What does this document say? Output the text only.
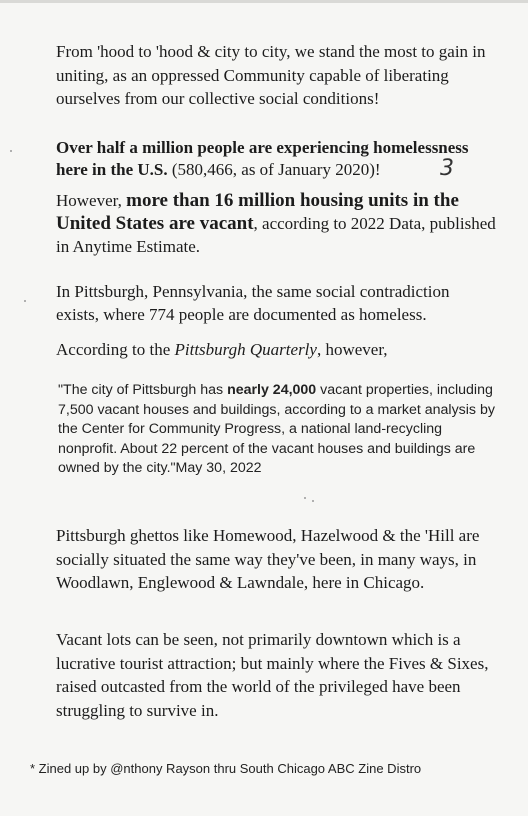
From 'hood to 'hood & city to city, we stand the most to gain in uniting, as an oppressed Community capable of liberating ourselves from our collective social conditions!

Over half a million people are experiencing homelessness here in the U.S. (580,466, as of January 2020)!	3

However, more than 16 million housing units in the United States are vacant, according to 2022 Data, published in Anytime Estimate.

In Pittsburgh, Pennsylvania, the same social contradiction exists, where 774 people are documented as homeless.

According to the Pittsburgh Quarterly, however,

"The city of Pittsburgh has nearly 24,000 vacant properties, including 7,500 vacant houses and buildings, according to a market analysis by the Center for Community Progress, a national land-recycling nonprofit. About 22 percent of the vacant houses and buildings are owned by the city."May 30, 2022

Pittsburgh ghettos like Homewood, Hazelwood & the 'Hill are socially situated the same way they've been, in many ways, in Woodlawn, Englewood & Lawndale, here in Chicago.

Vacant lots can be seen, not primarily downtown which is a lucrative tourist attraction; but mainly where the Fives & Sixes, raised outcasted from the world of the privileged have been struggling to survive in.

* Zined up by @nthony Rayson thru South Chicago ABC Zine Distro
